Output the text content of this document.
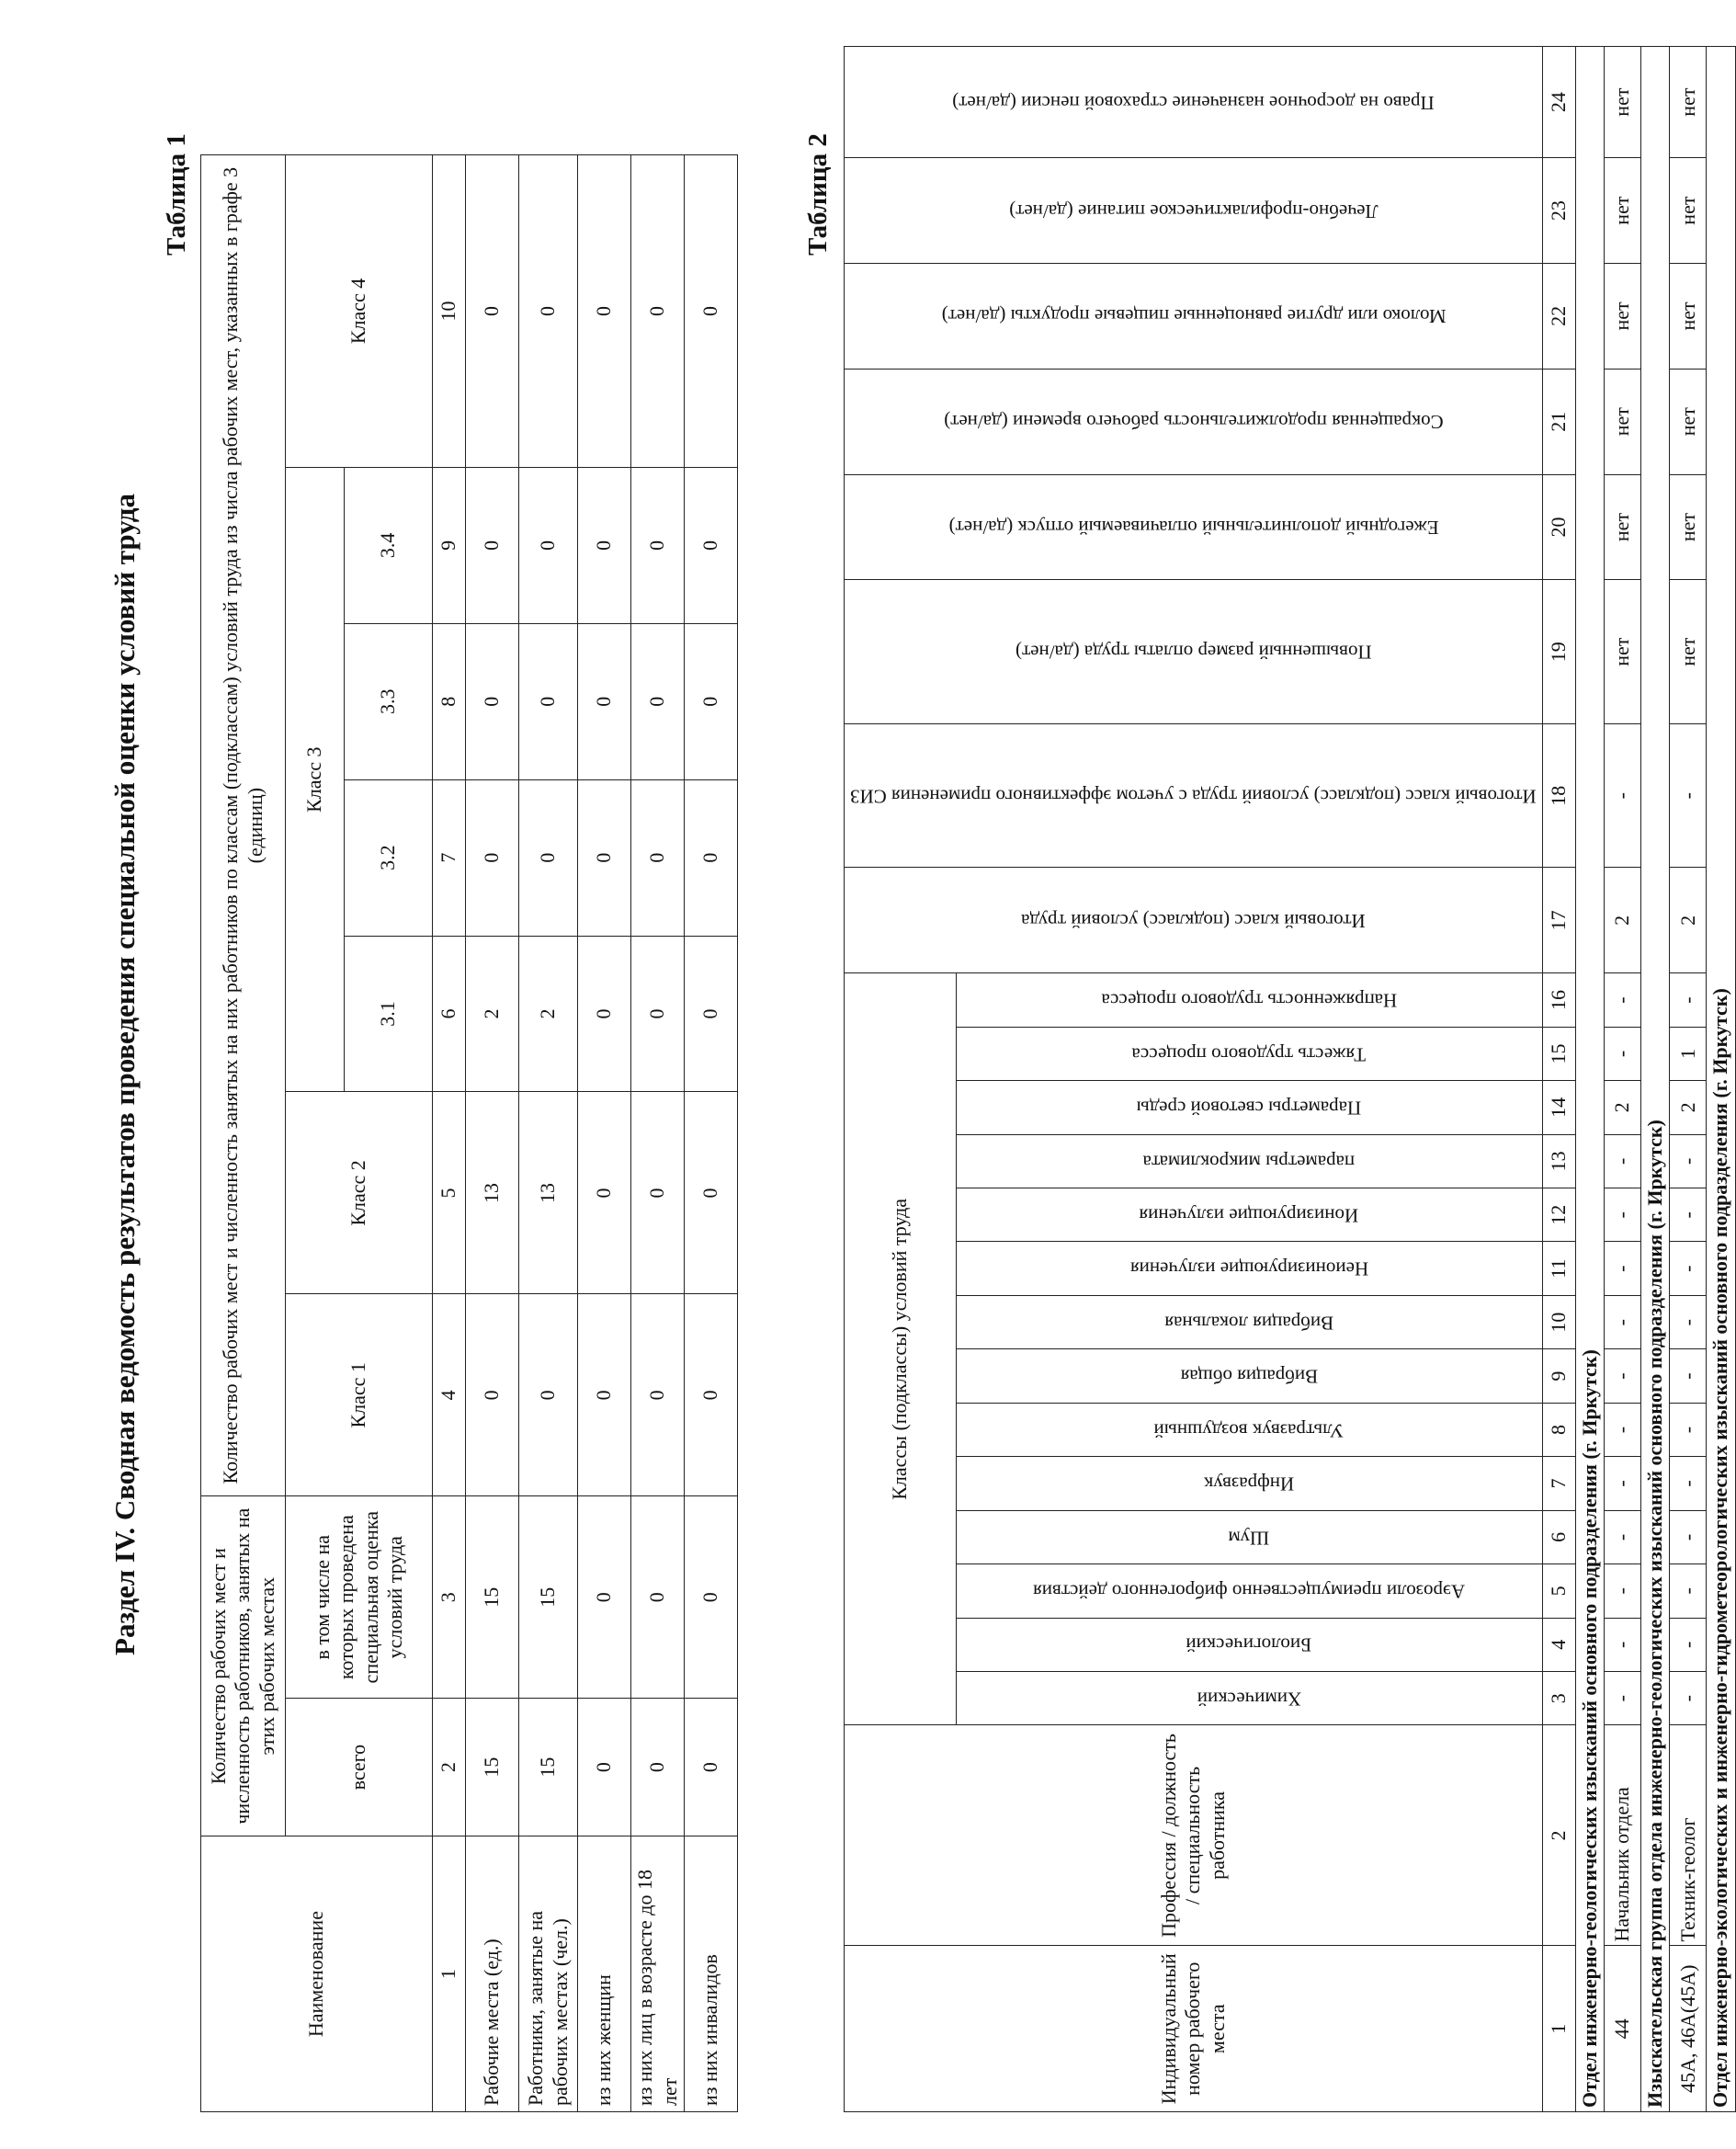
Раздел IV. Сводная ведомость результатов проведения специальной оценки условий труда
Таблица 1
Наименование	Количество рабочих мест и численность работников, занятых на этих рабочих местах		Количество рабочих мест и численность занятых на них работников по классам (подклассам) условий труда из числа рабочих мест, указанных в графе 3 (единиц)						
	всего	в том числе на которых проведена специальная оценка условий труда	Класс 1	Класс 2	Класс 3				Класс 4
					3.1	3.2	3.3	3.4	
1	2	3	4	5	6	7	8	9	10
Рабочие места (ед.)	15	15	0	13	2	0	0	0	0
Работники, занятые на рабочих местах (чел.)	15	15	0	13	2	0	0	0	0
из них женщин	0	0	0	0	0	0	0	0	0
из них лиц в возрасте до 18 лет	0	0	0	0	0	0	0	0	0
из них инвалидов	0	0	0	0	0	0	0	0	0
Таблица 2
Индивидуальный номер рабочего места	Профессия / должность / специальность работника	Классы (подклассы) условий труда														Итоговый класс (подкласс) условий труда	Итоговый класс (подкласс) условий труда с учетом эффективного применения СИЗ	Повышенный размер оплаты труда (да/нет)	Ежегодный дополнительный оплачиваемый отпуск (да/нет)	Сокращенная продолжительность рабочего времени (да/нет)	Молоко или другие равноценные пищевые продукты (да/нет)	Лечебно-профилактическое питание (да/нет)	Право на досрочное назначение страховой пенсии (да/нет)
		Химический	Биологический	Аэрозоли преимущественно фиброгенного действия	Шум	Инфразвук	Ультразвук воздушный	Вибрация общая	Вибрация локальная	Неионизирующие излучения	Ионизирующие излучения	параметры микроклимата	Параметры световой среды	Тяжесть трудового процесса	Напряженность трудового процесса								
1	2	3	4	5	6	7	8	9	10	11	12	13	14	15	16	17	18	19	20	21	22	23	24
Отдел инженерно-геологических изысканий основного подразделения (г. Иркутск)																							
44	Начальник отдела	-	-	-	-	-	-	-	-	-	-	-	2	-	-	2	-	нет	нет	нет	нет	нет	нет
Изыскательская группа отдела инженерно-геологических изысканий основного подразделения (г. Иркутск)																							
45А, 46А(45А)	Техник-геолог	-	-	-	-	-	-	-	-	-	-	-	2	1	-	2	-	нет	нет	нет	нет	нет	нет
Отдел инженерно-экологических и инженерно-гидрометеорологических изысканий основного подразделения (г. Иркутск)																							
